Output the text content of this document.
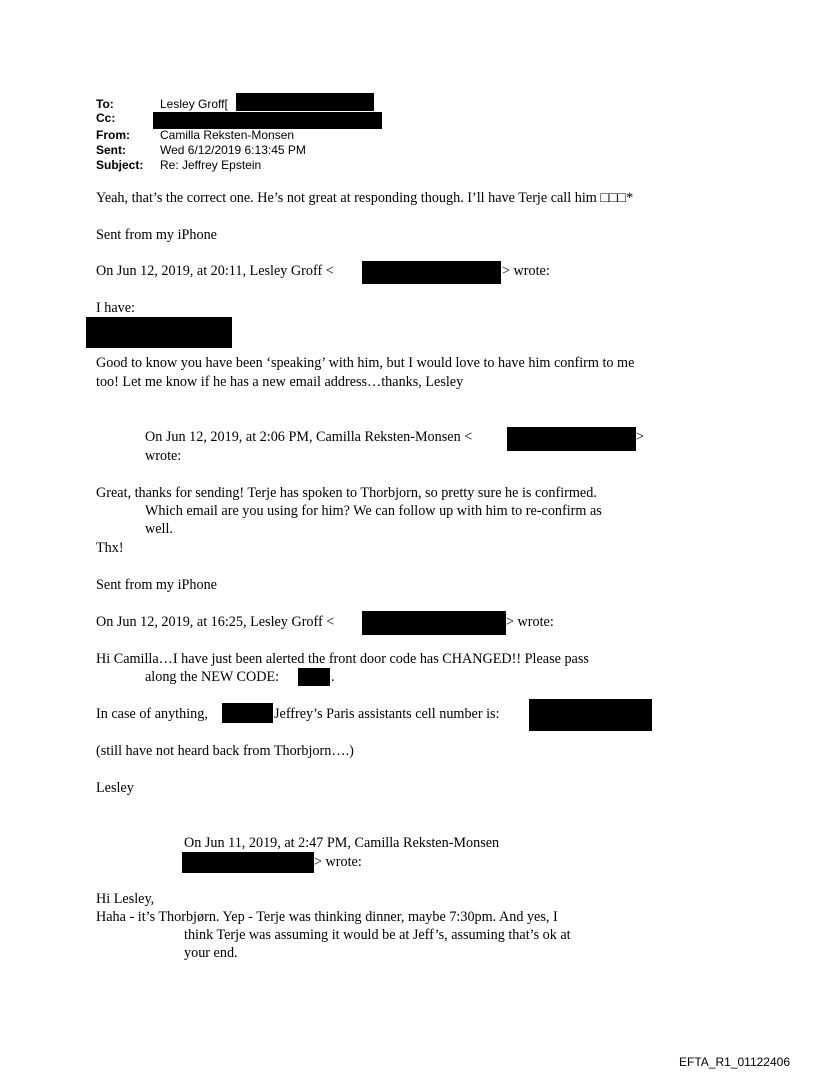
To:	Lesley Groff[
Cc:
From:	Camilla Reksten-Monsen
Sent:	Wed 6/12/2019 6:13:45 PM
Subject: Re: Jeffrey Epstein
Yeah, that’s the correct one. He’s not great at responding though. I’ll have Terje call him □□□*
Sent from my iPhone
On Jun 12, 2019, at 20:11, Lesley Groff <	> wrote:
I have:
Good to know you have been ‘speaking’ with him, but I would love to have him confirm to me
too! Let me know if he has a new email address…thanks, Lesley
On Jun 12, 2019, at 2:06 PM, Camilla Reksten-Monsen <	>
wrote:
Great, thanks for sending! Terje has spoken to Thorbjorn, so pretty sure he is confirmed.
Which email are you using for him? We can follow up with him to re-confirm as
well.
Thx!
Sent from my iPhone
On Jun 12, 2019, at 16:25, Lesley Groff <	> wrote:
Hi Camilla…I have just been alerted the front door code has CHANGED!! Please pass
along the NEW CODE:	.
In case of anything,	Jeffrey’s Paris assistants cell number is:
(still have not heard back from Thorbjorn….)
Lesley
On Jun 11, 2019, at 2:47 PM, Camilla Reksten-Monsen
> wrote:
Hi Lesley,
Haha - it’s Thorbjørn. Yep - Terje was thinking dinner, maybe 7:30pm. And yes, I
think Terje was assuming it would be at Jeff’s, assuming that’s ok at
your end.
EFTA_R1_01122406
